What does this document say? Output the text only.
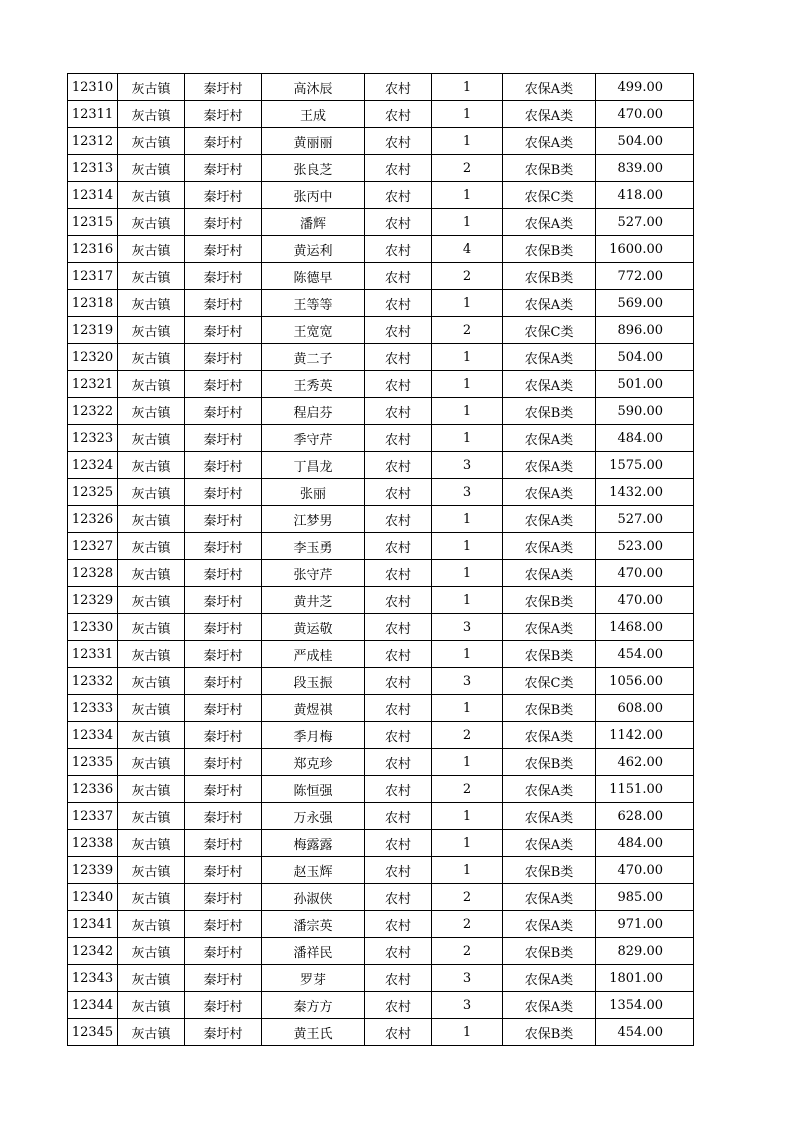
12310	灰古镇	秦圩村	高沐辰	农村	1	农保A类	499.00
12311	灰古镇	秦圩村	王成	农村	1	农保A类	470.00
12312	灰古镇	秦圩村	黄丽丽	农村	1	农保A类	504.00
12313	灰古镇	秦圩村	张良芝	农村	2	农保B类	839.00
12314	灰古镇	秦圩村	张丙中	农村	1	农保C类	418.00
12315	灰古镇	秦圩村	潘辉	农村	1	农保A类	527.00
12316	灰古镇	秦圩村	黄运利	农村	4	农保B类	1600.00
12317	灰古镇	秦圩村	陈德早	农村	2	农保B类	772.00
12318	灰古镇	秦圩村	王等等	农村	1	农保A类	569.00
12319	灰古镇	秦圩村	王宽宽	农村	2	农保C类	896.00
12320	灰古镇	秦圩村	黄二子	农村	1	农保A类	504.00
12321	灰古镇	秦圩村	王秀英	农村	1	农保A类	501.00
12322	灰古镇	秦圩村	程启芬	农村	1	农保B类	590.00
12323	灰古镇	秦圩村	季守芹	农村	1	农保A类	484.00
12324	灰古镇	秦圩村	丁昌龙	农村	3	农保A类	1575.00
12325	灰古镇	秦圩村	张丽	农村	3	农保A类	1432.00
12326	灰古镇	秦圩村	江梦男	农村	1	农保A类	527.00
12327	灰古镇	秦圩村	李玉勇	农村	1	农保A类	523.00
12328	灰古镇	秦圩村	张守芹	农村	1	农保A类	470.00
12329	灰古镇	秦圩村	黄井芝	农村	1	农保B类	470.00
12330	灰古镇	秦圩村	黄运敬	农村	3	农保A类	1468.00
12331	灰古镇	秦圩村	严成桂	农村	1	农保B类	454.00
12332	灰古镇	秦圩村	段玉振	农村	3	农保C类	1056.00
12333	灰古镇	秦圩村	黄煜祺	农村	1	农保B类	608.00
12334	灰古镇	秦圩村	季月梅	农村	2	农保A类	1142.00
12335	灰古镇	秦圩村	郑克珍	农村	1	农保B类	462.00
12336	灰古镇	秦圩村	陈恒强	农村	2	农保A类	1151.00
12337	灰古镇	秦圩村	万永强	农村	1	农保A类	628.00
12338	灰古镇	秦圩村	梅露露	农村	1	农保A类	484.00
12339	灰古镇	秦圩村	赵玉辉	农村	1	农保B类	470.00
12340	灰古镇	秦圩村	孙淑侠	农村	2	农保A类	985.00
12341	灰古镇	秦圩村	潘宗英	农村	2	农保A类	971.00
12342	灰古镇	秦圩村	潘祥民	农村	2	农保B类	829.00
12343	灰古镇	秦圩村	罗芽	农村	3	农保A类	1801.00
12344	灰古镇	秦圩村	秦方方	农村	3	农保A类	1354.00
12345	灰古镇	秦圩村	黄王氏	农村	1	农保B类	454.00
